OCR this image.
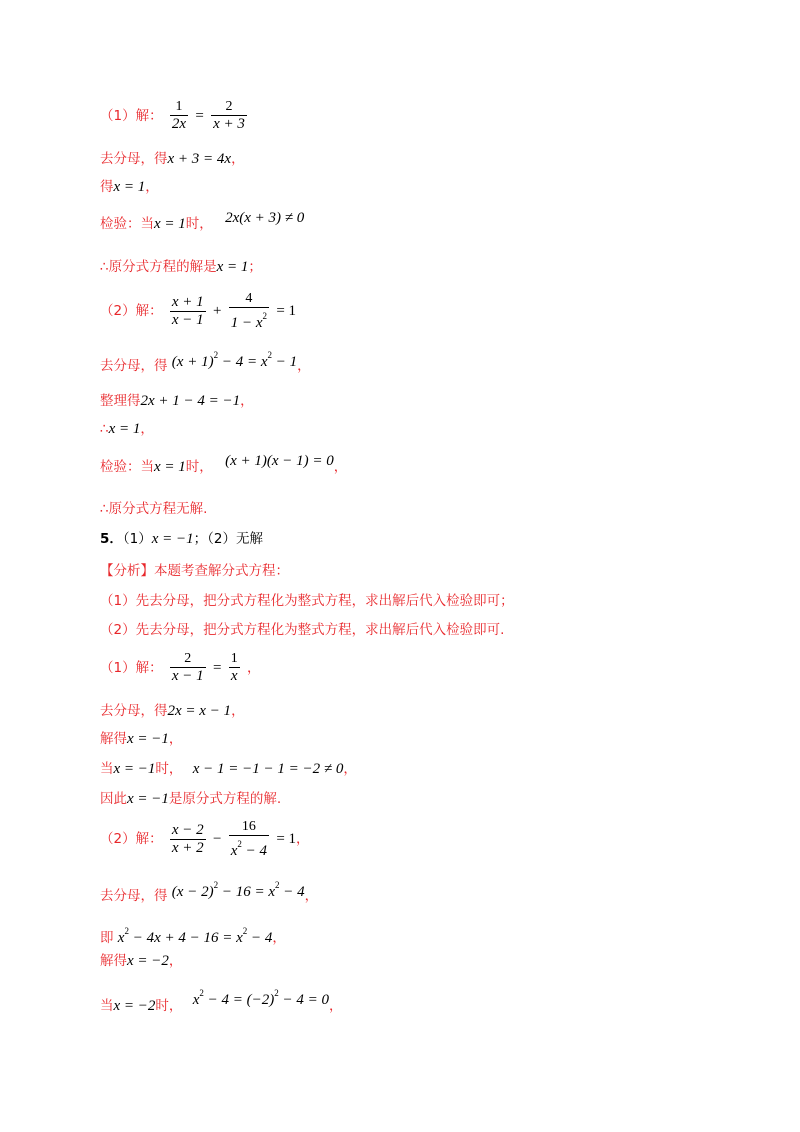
（1）解： $\frac{1}{2x} = \frac{2}{x + 3}$
去分母，得x + 3 = 4x，
得x = 1，
检验：当x = 1时， 2x(x + 3) ≠ 0
∴原分式方程的解是x = 1；
（2）解： $\frac{x + 1}{x - 1} + \frac{4}{1 - x^2} = 1$
去分母，得 $(x + 1)^2 - 4 = x^2 - 1$，
整理得2x + 1 − 4 = −1，
∴x = 1，
检验：当x = 1时， (x + 1)(x − 1) = 0，
∴原分式方程无解.
5．（1）x = −1；（2）无解
【分析】本题考查解分式方程：
（1）先去分母，把分式方程化为整式方程，求出解后代入检验即可；
（2）先去分母，把分式方程化为整式方程，求出解后代入检验即可.
（1）解： $\frac{2}{x - 1} = \frac{1}{x}$ ，
去分母，得2x = x − 1，
解得x = −1，
当x = −1时， x − 1 = −1 − 1 = −2 ≠ 0，
因此x = −1是原分式方程的解.
（2）解： $\frac{x - 2}{x + 2} - \frac{16}{x^2 - 4} = 1$，
去分母，得 $(x - 2)^2 - 16 = x^2 - 4$，
即 $x^2 - 4x + 4 - 16 = x^2 - 4$，
解得x = −2，
当x = −2时， $x^2 - 4 = (-2)^2 - 4 = 0$，
